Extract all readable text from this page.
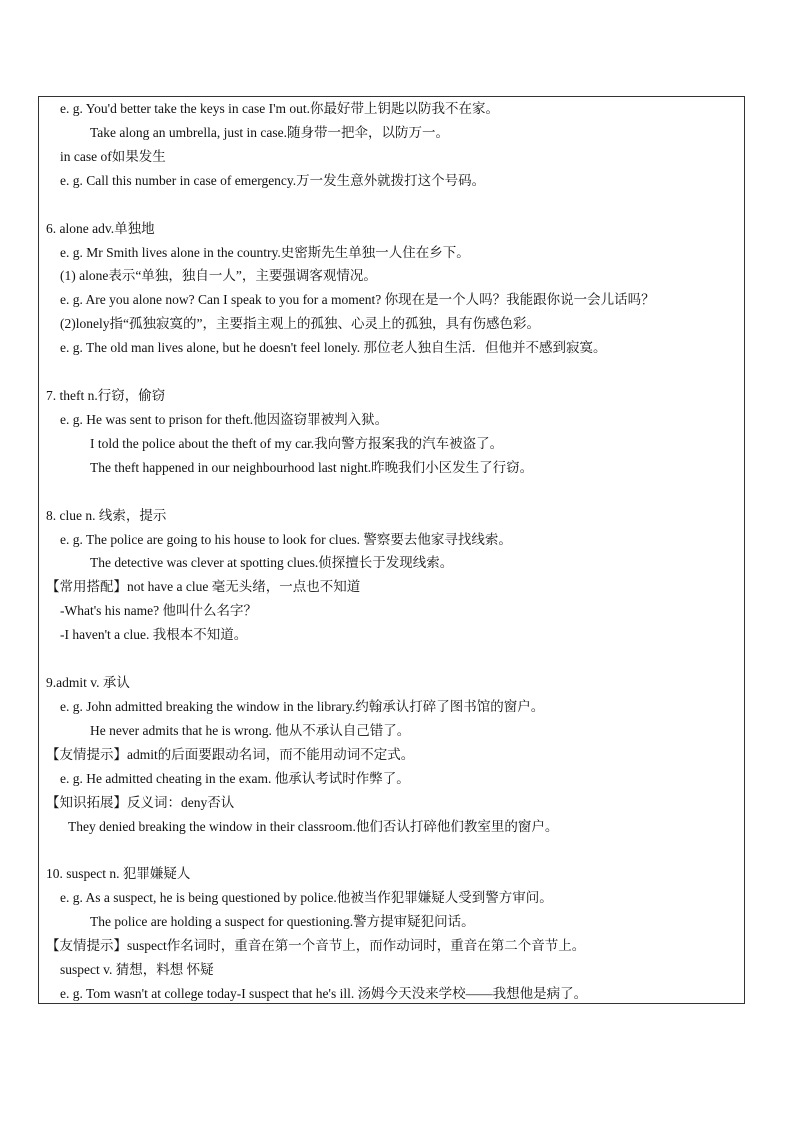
e. g. You'd better take the keys in case I'm out.你最好带上钥匙以防我不在家。
Take along an umbrella, just in case.随身带一把伞，以防万一。
in case of如果发生
e. g. Call this number in case of emergency.万一发生意外就拨打这个号码。
6. alone adv.单独地
e. g. Mr Smith lives alone in the country.史密斯先生单独一人住在乡下。
(1) alone表示“单独，独自一人”，主要强调客观情况。
e. g. Are you alone now? Can I speak to you for a moment? 你现在是一个人吗？我能跟你说一会儿话吗？
(2)lonely指“孤独寂寞的”，主要指主观上的孤独、心灵上的孤独，具有伤感色彩。
e. g. The old man lives alone, but he doesn't feel lonely. 那位老人独自生活．但他并不感到寂寞。
7. theft n.行窃，偷窃
e. g. He was sent to prison for theft.他因盗窃罪被判入狱。
I told the police about the theft of my car.我向警方报案我的汽车被盗了。
The theft happened in our neighbourhood last night.昨晚我们小区发生了行窃。
8. clue n. 线索，提示
e. g. The police are going to his house to look for clues. 警察要去他家寻找线索。
The detective was clever at spotting clues.侦探擅长于发现线索。
【常用搭配】not have a clue 毫无头绪，一点也不知道
-What's his name? 他叫什么名字？
-I haven't a clue. 我根本不知道。
9.admit v. 承认
e. g. John admitted breaking the window in the library.约翰承认打碎了图书馆的窗户。
He never admits that he is wrong. 他从不承认自己错了。
【友情提示】admit的后面要跟动名词，而不能用动词不定式。
e. g. He admitted cheating in the exam. 他承认考试时作弊了。
【知识拓展】反义词：deny否认
They denied breaking the window in their classroom.他们否认打碎他们教室里的窗户。
10. suspect n. 犯罪嫌疑人
e. g. As a suspect, he is being questioned by police.他被当作犯罪嫌疑人受到警方审问。
The police are holding a suspect for questioning.警方提审疑犯问话。
【友情提示】suspect作名词时，重音在第一个音节上，而作动词时，重音在第二个音节上。
suspect v. 猜想，料想 怀疑
e. g. Tom wasn't at college today-I suspect that he's ill. 汤姆今天没来学校——我想他是病了。
